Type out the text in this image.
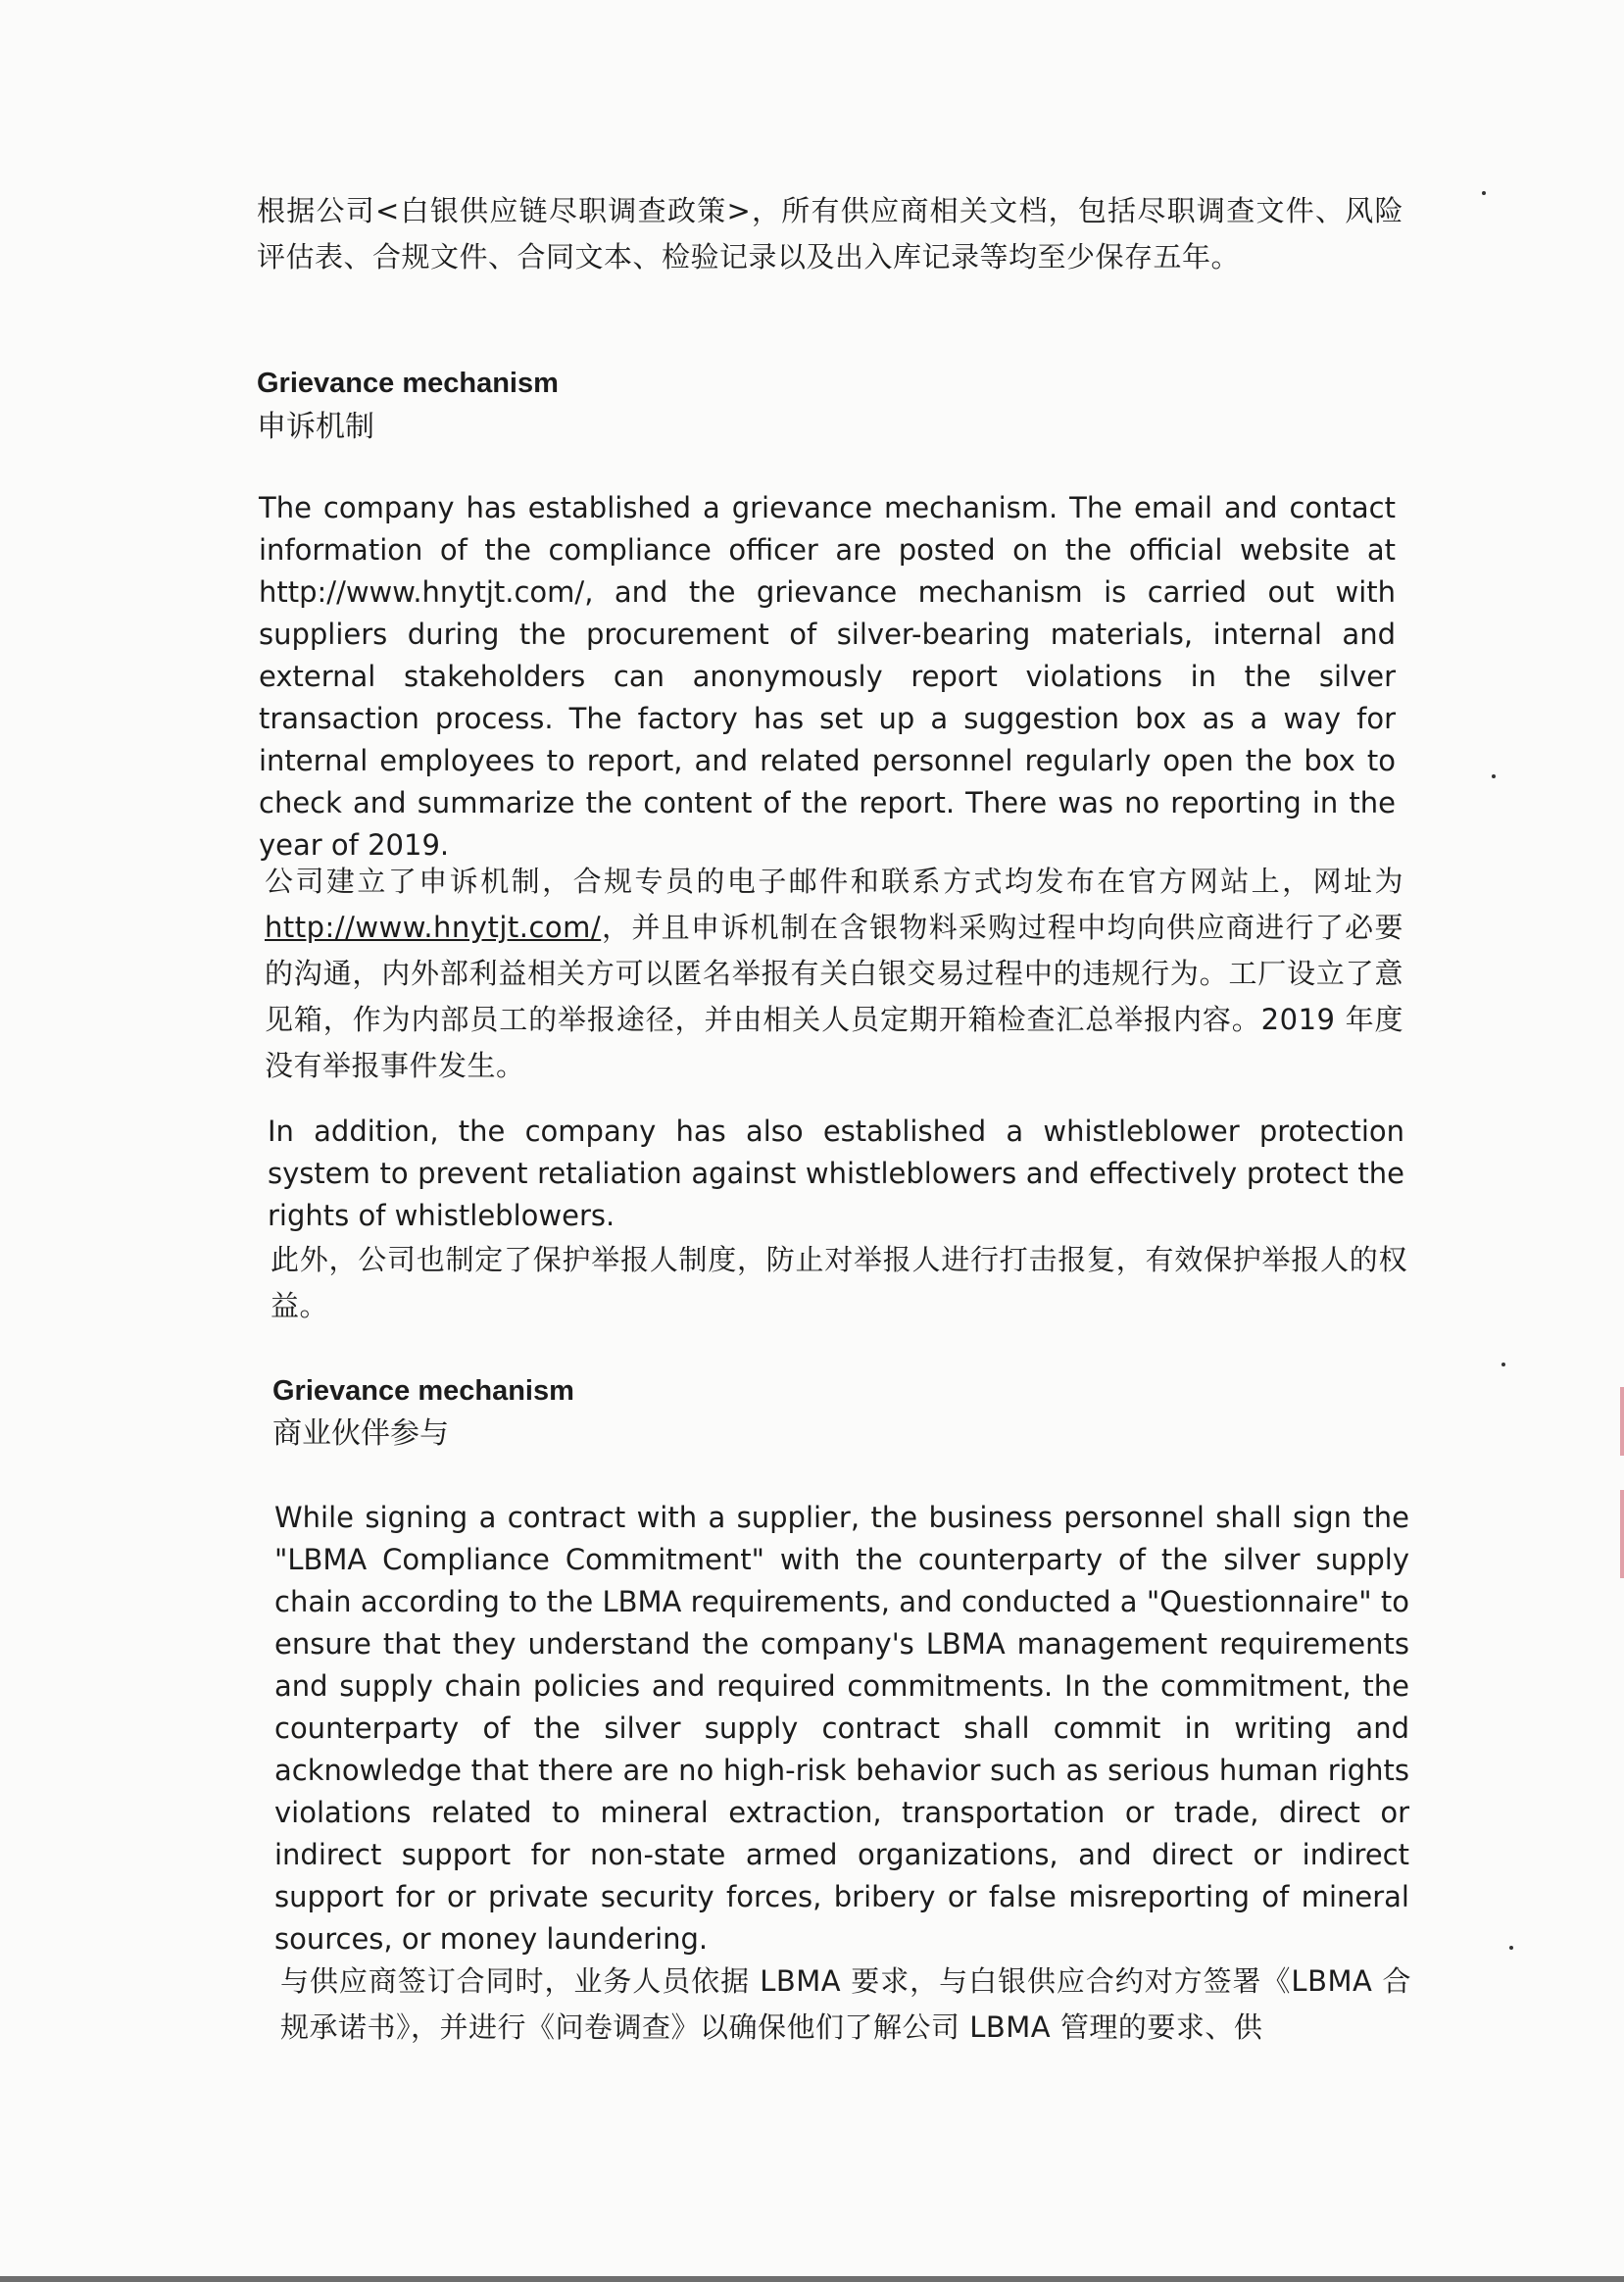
根据公司<白银供应链尽职调查政策>，所有供应商相关文档，包括尽职调查文件、风险评估表、合规文件、合同文本、检验记录以及出入库记录等均至少保存五年。

Grievance mechanism
申诉机制

The company has established a grievance mechanism. The email and contact information of the compliance officer are posted on the official website at http://www.hnytjt.com/, and the grievance mechanism is carried out with suppliers during the procurement of silver-bearing materials, internal and external stakeholders can anonymously report violations in the silver transaction process. The factory has set up a suggestion box as a way for internal employees to report, and related personnel regularly open the box to check and summarize the content of the report. There was no reporting in the year of 2019.

公司建立了申诉机制，合规专员的电子邮件和联系方式均发布在官方网站上，网址为http://www.hnytjt.com/，并且申诉机制在含银物料采购过程中均向供应商进行了必要的沟通，内外部利益相关方可以匿名举报有关白银交易过程中的违规行为。工厂设立了意见箱，作为内部员工的举报途径，并由相关人员定期开箱检查汇总举报内容。2019 年度没有举报事件发生。

In addition, the company has also established a whistleblower protection system to prevent retaliation against whistleblowers and effectively protect the rights of whistleblowers.

此外，公司也制定了保护举报人制度，防止对举报人进行打击报复，有效保护举报人的权益。

Grievance mechanism
商业伙伴参与

While signing a contract with a supplier, the business personnel shall sign the "LBMA Compliance Commitment" with the counterparty of the silver supply chain according to the LBMA requirements, and conducted a "Questionnaire" to ensure that they understand the company's LBMA management requirements and supply chain policies and required commitments. In the commitment, the counterparty of the silver supply contract shall commit in writing and acknowledge that there are no high-risk behavior such as serious human rights violations related to mineral extraction, transportation or trade, direct or indirect support for non-state armed organizations, and direct or indirect support for or private security forces, bribery or false misreporting of mineral sources, or money laundering.

与供应商签订合同时，业务人员依据 LBMA 要求，与白银供应合约对方签署《LBMA 合规承诺书》，并进行《问卷调查》以确保他们了解公司 LBMA 管理的要求、供
